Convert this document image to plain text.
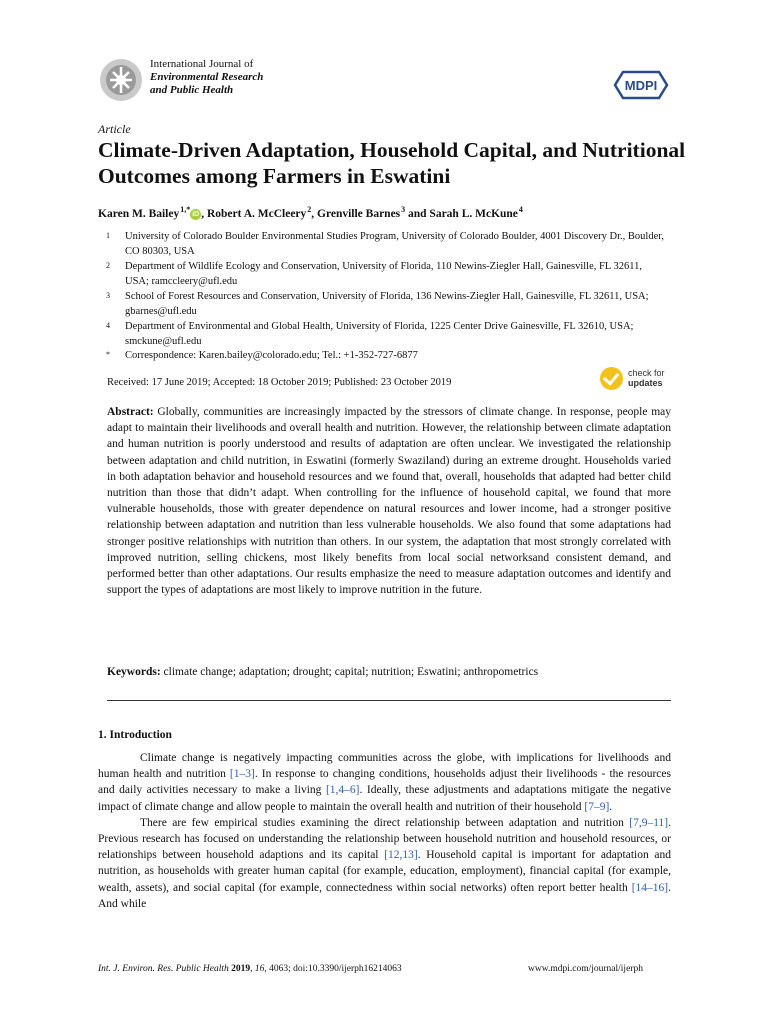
International Journal of
Environmental Research
and Public Health	MDPI
Article
Climate-Driven Adaptation, Household Capital, and Nutritional Outcomes among Farmers in Eswatini
Karen M. Bailey $^{1,*}$iD , Robert A. McCleery $^2$, Grenville Barnes $^3$ and Sarah L. McKune $^4$
1 University of Colorado Boulder Environmental Studies Program, University of Colorado Boulder, 4001 Discovery Dr., Boulder, CO 80303, USA
2 Department of Wildlife Ecology and Conservation, University of Florida, 110 Newins-Ziegler Hall, Gainesville, FL 32611, USA; ramccleery@ufl.edu
3 School of Forest Resources and Conservation, University of Florida, 136 Newins-Ziegler Hall, Gainesville, FL 32611, USA; gbarnes@ufl.edu
4 Department of Environmental and Global Health, University of Florida, 1225 Center Drive Gainesville, FL 32610, USA; smckune@ufl.edu
* Correspondence: Karen.bailey@colorado.edu; Tel.: +1-352-727-6877
Received: 17 June 2019; Accepted: 18 October 2019; Published: 23 October 2019
check for
updates
Abstract: Globally, communities are increasingly impacted by the stressors of climate change. In response, people may adapt to maintain their livelihoods and overall health and nutrition. However, the relationship between climate adaptation and human nutrition is poorly understood and results of adaptation are often unclear. We investigated the relationship between adaptation and child nutrition, in Eswatini (formerly Swaziland) during an extreme drought. Households varied in both adaptation behavior and household resources and we found that, overall, households that adapted had better child nutrition than those that didn’t adapt. When controlling for the influence of household capital, we found that more vulnerable households, those with greater dependence on natural resources and lower income, had a stronger positive relationship between adaptation and nutrition than less vulnerable households. We also found that some adaptations had stronger positive relationships with nutrition than others. In our system, the adaptation that most strongly correlated with improved nutrition, selling chickens, most likely benefits from local social networksand consistent demand, and performed better than other adaptations. Our results emphasize the need to measure adaptation outcomes and identify and support the types of adaptations are most likely to improve nutrition in the future.
Keywords: climate change; adaptation; drought; capital; nutrition; Eswatini; anthropometrics
1. Introduction

Climate change is negatively impacting communities across the globe, with implications for livelihoods and human health and nutrition [1–3]. In response to changing conditions, households adjust their livelihoods - the resources and daily activities necessary to make a living [1,4–6]. Ideally, these adjustments and adaptations mitigate the negative impact of climate change and allow people to maintain the overall health and nutrition of their household [7–9].

There are few empirical studies examining the direct relationship between adaptation and nutrition [7,9–11]. Previous research has focused on understanding the relationship between household nutrition and household resources, or relationships between household adaptions and its capital [12,13]. Household capital is important for adaptation and nutrition, as households with greater human capital (for example, education, employment), financial capital (for example, wealth, assets), and social capital (for example, connectedness within social networks) often report better health [14–16]. And while

Int. J. Environ. Res. Public Health 2019, 16, 4063; doi:10.3390/ijerph16214063	www.mdpi.com/journal/ijerph
